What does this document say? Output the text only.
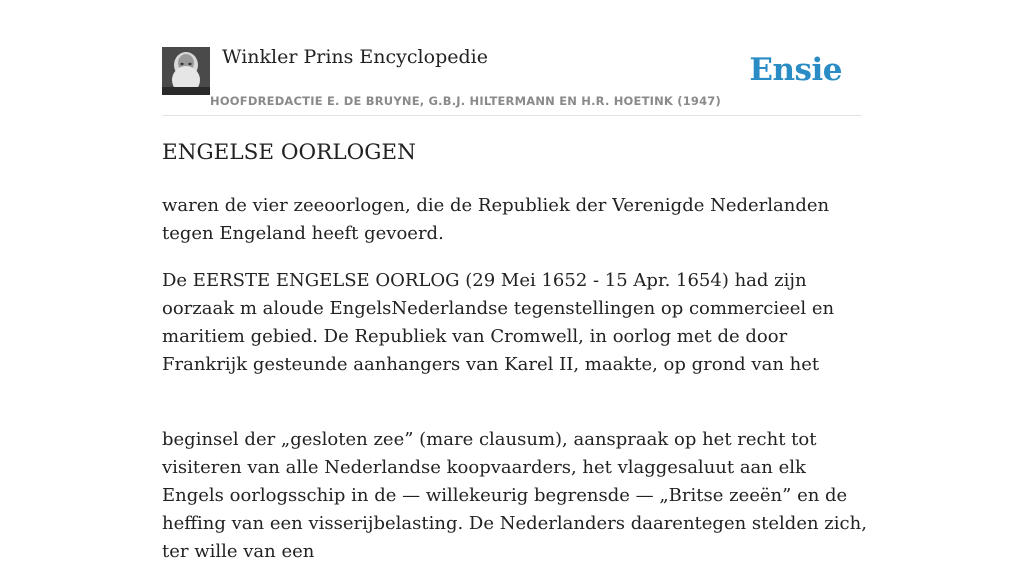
Winkler Prins Encyclopedie
HOOFDREDACTIE E. DE BRUYNE, G.B.J. HILTERMANN EN H.R. HOETINK (1947)
Ensie
ENGELSE OORLOGEN

waren de vier zeeoorlogen, die de Republiek der Verenigde Nederlanden tegen Engeland heeft gevoerd.

De EERSTE ENGELSE OORLOG (29 Mei 1652 - 15 Apr. 1654) had zijn oorzaak m aloude EngelsNederlandse tegenstellingen op commercieel en maritiem gebied. De Republiek van Cromwell, in oorlog met de door Frankrijk gesteunde aanhangers van Karel II, maakte, op grond van het

beginsel der „gesloten zee” (mare clausum), aanspraak op het recht tot visiteren van alle Nederlandse koopvaarders, het vlaggesaluut aan elk Engels oorlogsschip in de — willekeurig begrensde — „Britse zeeën” en de heffing van een visserijbelasting. De Nederlanders daarentegen stelden zich, ter wille van een
